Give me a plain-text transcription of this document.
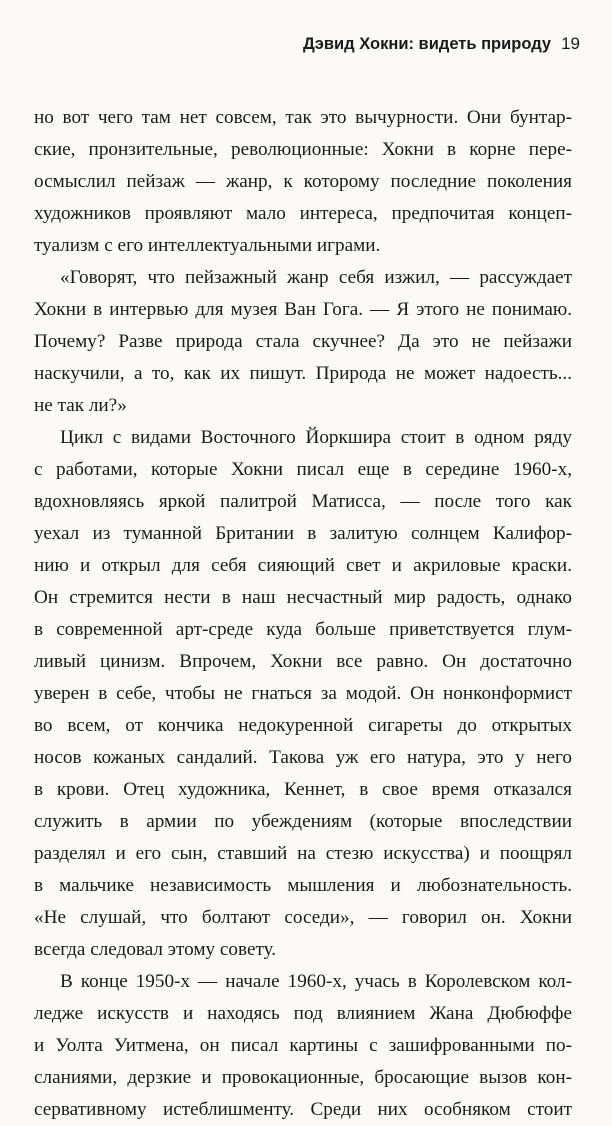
Дэвид Хокни: видеть природу 19

но вот чего там нет совсем, так это вычурности. Они бунтар-
ские, пронзительные, революционные: Хокни в корне пере-
осмыслил пейзаж — жанр, к которому последние поколения
художников проявляют мало интереса, предпочитая концеп-
туализм с его интеллектуальными играми.

«Говорят, что пейзажный жанр себя изжил, — рассуждает
Хокни в интервью для музея Ван Гога. — Я этого не понимаю.
Почему? Разве природа стала скучнее? Да это не пейзажи
наскучили, а то, как их пишут. Природа не может надоесть...
не так ли?»

Цикл с видами Восточного Йоркшира стоит в одном ряду
с работами, которые Хокни писал еще в середине 1960-х,
вдохновляясь яркой палитрой Матисса, — после того как
уехал из туманной Британии в залитую солнцем Калифор-
нию и открыл для себя сияющий свет и акриловые краски.
Он стремится нести в наш несчастный мир радость, однако
в современной арт-среде куда больше приветствуется глум-
ливый цинизм. Впрочем, Хокни все равно. Он достаточно
уверен в себе, чтобы не гнаться за модой. Он нонконформист
во всем, от кончика недокуренной сигареты до открытых
носов кожаных сандалий. Такова уж его натура, это у него
в крови. Отец художника, Кеннет, в свое время отказался
служить в армии по убеждениям (которые впоследствии
разделял и его сын, ставший на стезю искусства) и поощрял
в мальчике независимость мышления и любознательность.
«Не слушай, что болтают соседи», — говорил он. Хокни
всегда следовал этому совету.

В конце 1950-х — начале 1960-х, учась в Королевском кол-
ледже искусств и находясь под влиянием Жана Дюбюффе
и Уолта Уитмена, он писал картины с зашифрованными по-
сланиями, дерзкие и провокационные, бросающие вызов кон-
сервативному истеблишменту. Среди них особняком стоит
